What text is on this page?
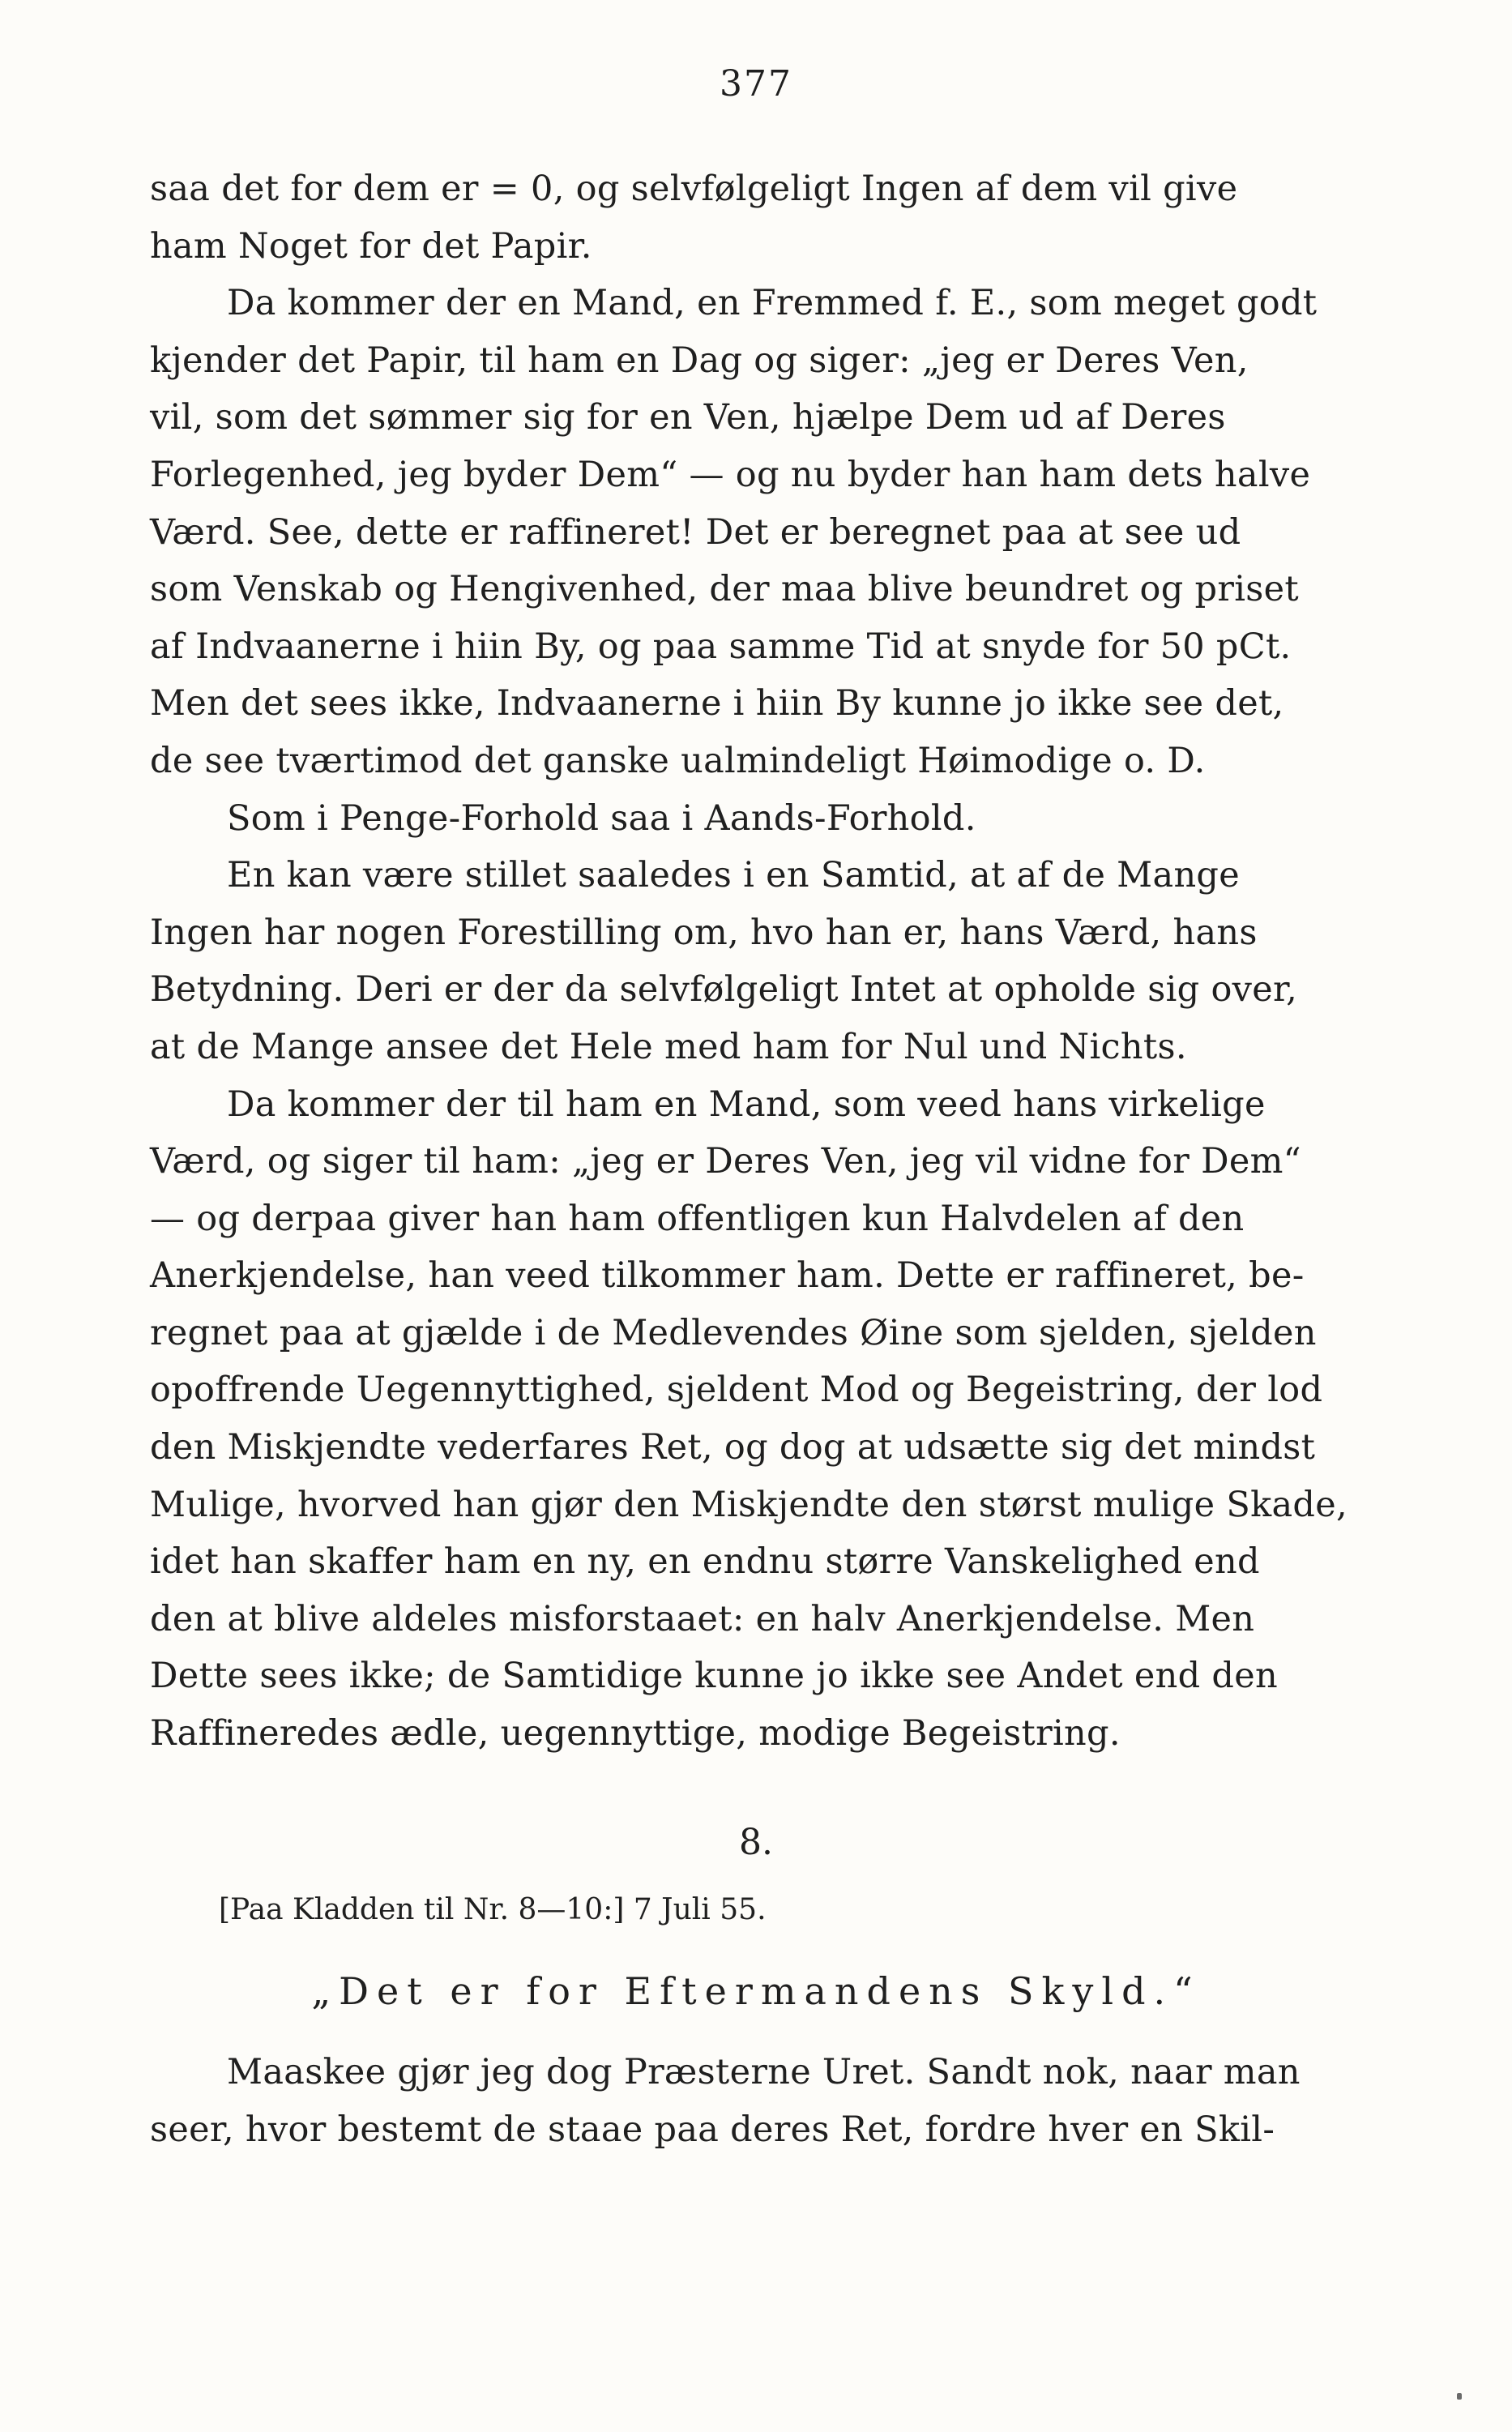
377
saa det for dem er = 0, og selvfølgeligt Ingen af dem vil give
ham Noget for det Papir.
Da kommer der en Mand, en Fremmed f. E., som meget godt
kjender det Papir, til ham en Dag og siger: „jeg er Deres Ven,
vil, som det sømmer sig for en Ven, hjælpe Dem ud af Deres
Forlegenhed, jeg byder Dem“ — og nu byder han ham dets halve
Værd. See, dette er raffineret! Det er beregnet paa at see ud
som Venskab og Hengivenhed, der maa blive beundret og priset
af Indvaanerne i hiin By, og paa samme Tid at snyde for 50 pCt.
Men det sees ikke, Indvaanerne i hiin By kunne jo ikke see det,
de see tværtimod det ganske ualmindeligt Høimodige o. D.
Som i Penge-Forhold saa i Aands-Forhold.
En kan være stillet saaledes i en Samtid, at af de Mange
Ingen har nogen Forestilling om, hvo han er, hans Værd, hans
Betydning. Deri er der da selvfølgeligt Intet at opholde sig over,
at de Mange ansee det Hele med ham for Nul und Nichts.
Da kommer der til ham en Mand, som veed hans virkelige
Værd, og siger til ham: „jeg er Deres Ven, jeg vil vidne for Dem“
— og derpaa giver han ham offentligen kun Halvdelen af den
Anerkjendelse, han veed tilkommer ham. Dette er raffineret, be-
regnet paa at gjælde i de Medlevendes Øine som sjelden, sjelden
opoffrende Uegennyttighed, sjeldent Mod og Begeistring, der lod
den Miskjendte vederfares Ret, og dog at udsætte sig det mindst
Mulige, hvorved han gjør den Miskjendte den størst mulige Skade,
idet han skaffer ham en ny, en endnu større Vanskelighed end
den at blive aldeles misforstaaet: en halv Anerkjendelse. Men
Dette sees ikke; de Samtidige kunne jo ikke see Andet end den
Raffineredes ædle, uegennyttige, modige Begeistring.
8.
[Paa Kladden til Nr. 8—10:] 7 Juli 55.
„Det er for Eftermandens Skyld.“
Maaskee gjør jeg dog Præsterne Uret. Sandt nok, naar man
seer, hvor bestemt de staae paa deres Ret, fordre hver en Skil-
